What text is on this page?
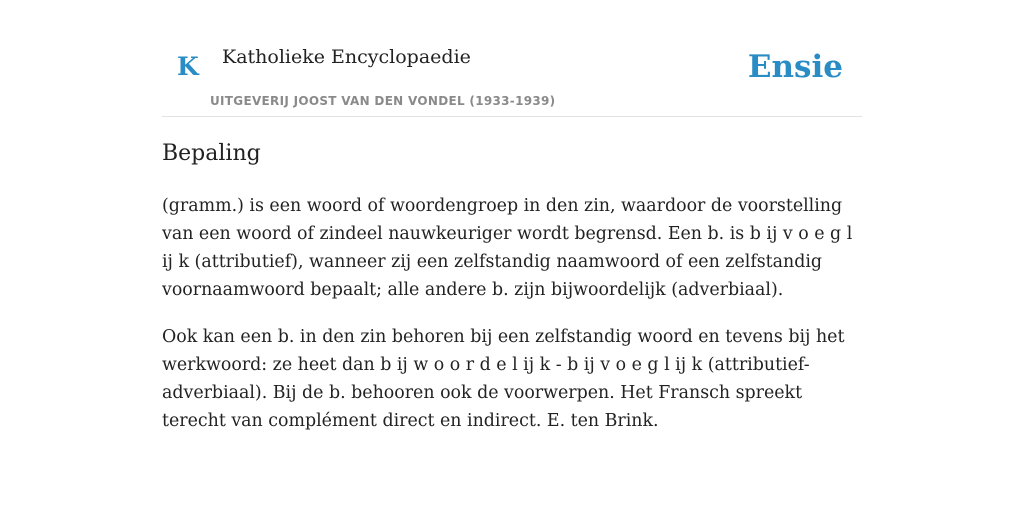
K Katholieke Encyclopaedie
UITGEVERIJ JOOST VAN DEN VONDEL (1933-1939)
Ensie
Bepaling

(gramm.) is een woord of woordengroep in den zin, waardoor de voorstelling van een woord of zindeel nauwkeuriger wordt begrensd. Een b. is b ij v o e g l ij k (attributief), wanneer zij een zelfstandig naamwoord of een zelfstandig voornaamwoord bepaalt; alle andere b. zijn bijwoordelijk (adverbiaal).

Ook kan een b. in den zin behoren bij een zelfstandig woord en tevens bij het werkwoord: ze heet dan b ij w o o r d e l ij k - b ij v o e g l ij k (attributief-adverbiaal). Bij de b. behooren ook de voorwerpen. Het Fransch spreekt terecht van complément direct en indirect. E. ten Brink.
